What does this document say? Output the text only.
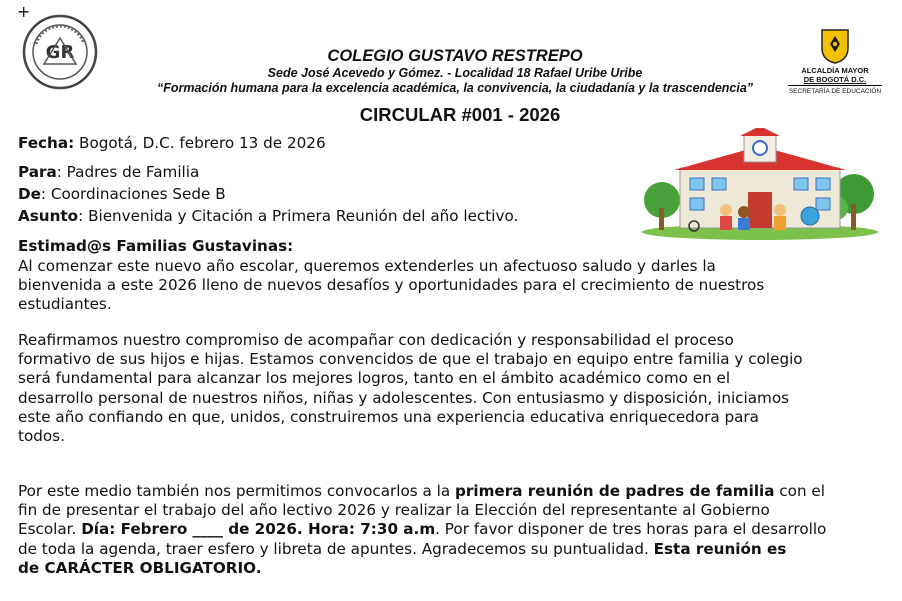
+
GR	COLEGIO GUSTAVO RESTREPO
Sede José Acevedo y Gómez. - Localidad 18 Rafael Uribe Uribe
“Formación humana para la excelencia académica, la convivencia, la ciudadanía y la trascendencia”
CIRCULAR #001 - 2026
ALCALDÍA MAYOR
DE BOGOTÁ D.C.
SECRETARÍA DE EDUCACIÓN
Fecha: Bogotá, D.C. febrero 13 de 2026
Para: Padres de Familia
De: Coordinaciones Sede B
Asunto: Bienvenida y Citación a Primera Reunión del año lectivo.
Estimad@s Familias Gustavinas:
Al comenzar este nuevo año escolar, queremos extenderles un afectuoso saludo y darles la
bienvenida a este 2026 lleno de nuevos desafíos y oportunidades para el crecimiento de nuestros
estudiantes.
Reafirmamos nuestro compromiso de acompañar con dedicación y responsabilidad el proceso
formativo de sus hijos e hijas. Estamos convencidos de que el trabajo en equipo entre familia y colegio
será fundamental para alcanzar los mejores logros, tanto en el ámbito académico como en el
desarrollo personal de nuestros niños, niñas y adolescentes. Con entusiasmo y disposición, iniciamos
este año confiando en que, unidos, construiremos una experiencia educativa enriquecedora para
todos.
Por este medio también nos permitimos convocarlos a la primera reunión de padres de familia con el
fin de presentar el trabajo del año lectivo 2026 y realizar la Elección del representante al Gobierno
Escolar. Día: Febrero ____ de 2026. Hora: 7:30 a.m. Por favor disponer de tres horas para el desarrollo
de toda la agenda, traer esfero y libreta de apuntes. Agradecemos su puntualidad. Esta reunión es
de CARÁCTER OBLIGATORIO.
